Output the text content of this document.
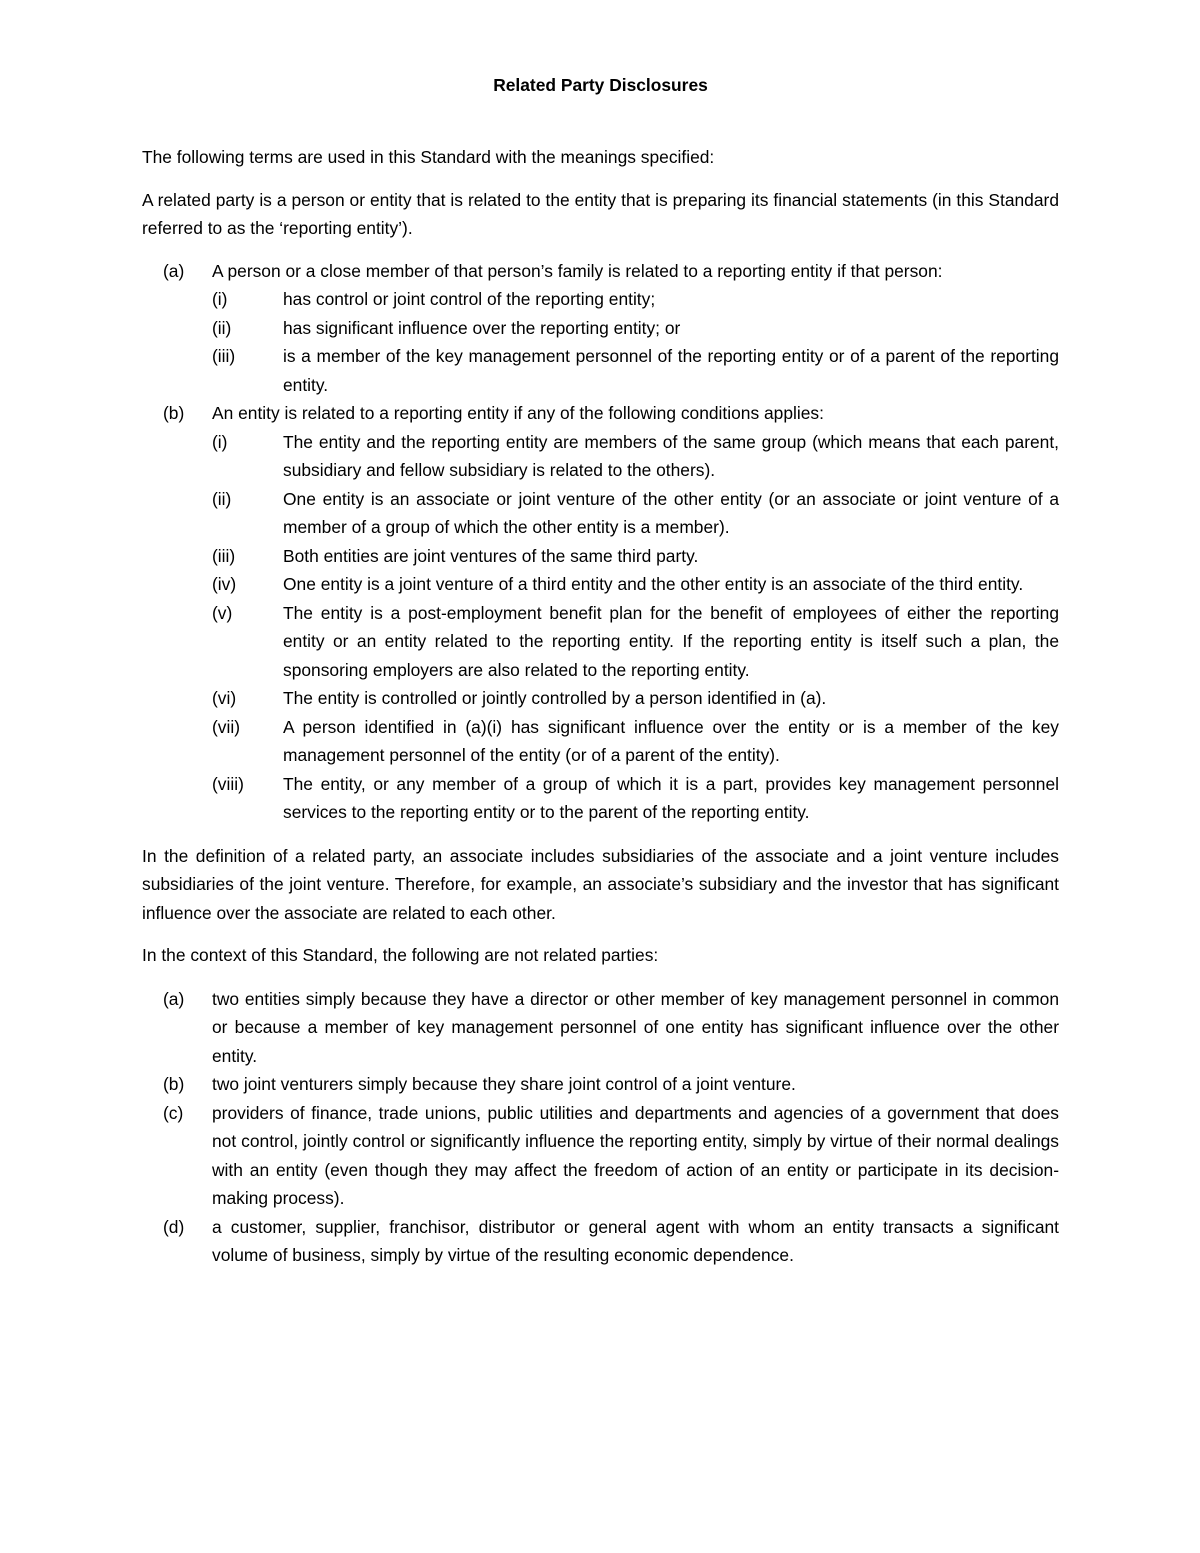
Related Party Disclosures

The following terms are used in this Standard with the meanings specified:

A related party is a person or entity that is related to the entity that is preparing its financial statements (in this Standard referred to as the ‘reporting entity’).

(a)	A person or a close member of that person’s family is related to a reporting entity if that person:

(i)	has control or joint control of the reporting entity;
(ii)	has significant influence over the reporting entity; or
(iii)	is a member of the key management personnel of the reporting entity or of a parent of the reporting entity.
(b)	An entity is related to a reporting entity if any of the following conditions applies:

(i)	The entity and the reporting entity are members of the same group (which means that each parent, subsidiary and fellow subsidiary is related to the others).
(ii)	One entity is an associate or joint venture of the other entity (or an associate or joint venture of a member of a group of which the other entity is a member).
(iii)	Both entities are joint ventures of the same third party.
(iv)	One entity is a joint venture of a third entity and the other entity is an associate of the third entity.
(v)	The entity is a post-employment benefit plan for the benefit of employees of either the reporting entity or an entity related to the reporting entity. If the reporting entity is itself such a plan, the sponsoring employers are also related to the reporting entity.
(vi)	The entity is controlled or jointly controlled by a person identified in (a).
(vii)	A person identified in (a)(i) has significant influence over the entity or is a member of the key management personnel of the entity (or of a parent of the entity).
(viii)	The entity, or any member of a group of which it is a part, provides key management personnel services to the reporting entity or to the parent of the reporting entity.

In the definition of a related party, an associate includes subsidiaries of the associate and a joint venture includes subsidiaries of the joint venture. Therefore, for example, an associate’s subsidiary and the investor that has significant influence over the associate are related to each other.

In the context of this Standard, the following are not related parties:

(a)	two entities simply because they have a director or other member of key management personnel in common or because a member of key management personnel of one entity has significant influence over the other entity.

(b)	two joint venturers simply because they share joint control of a joint venture.

(c)	providers of finance, trade unions, public utilities and departments and agencies of a government that does not control, jointly control or significantly influence the reporting entity, simply by virtue of their normal dealings with an entity (even though they may affect the freedom of action of an entity or participate in its decision-making process).

(d)	a customer, supplier, franchisor, distributor or general agent with whom an entity transacts a significant volume of business, simply by virtue of the resulting economic dependence.
